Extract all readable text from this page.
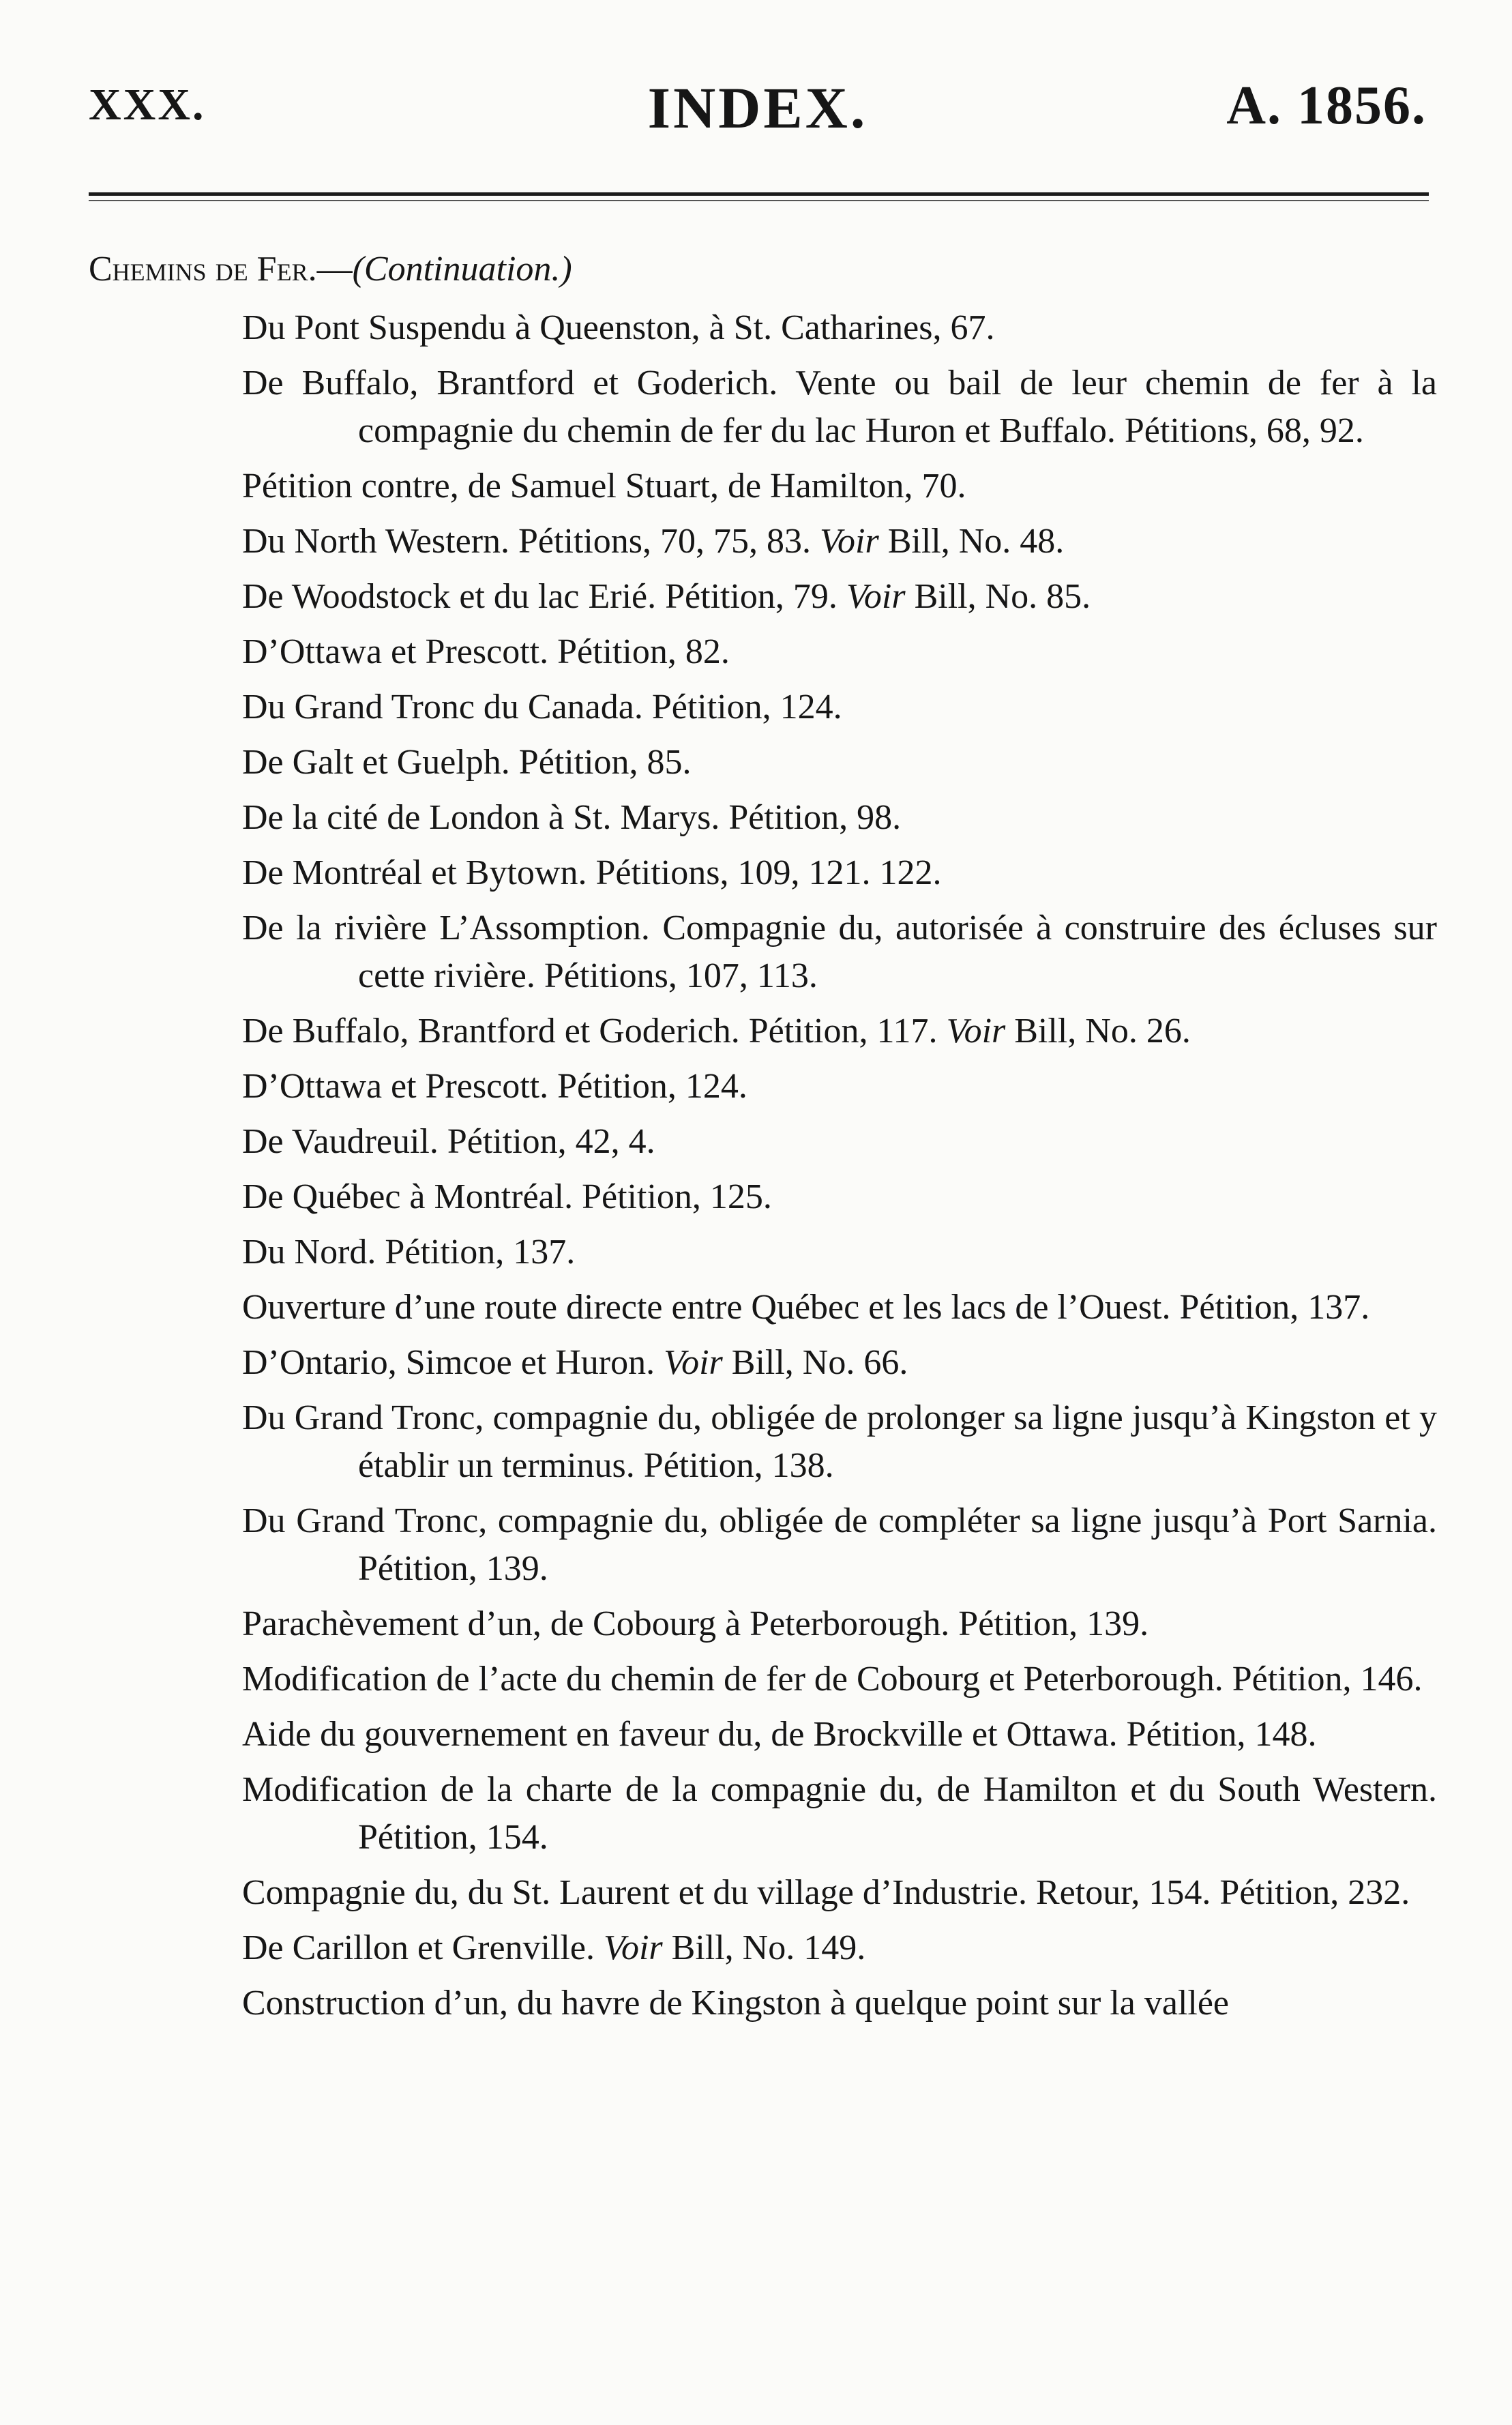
XXX.	INDEX.	A. 1856.
Chemins de Fer.—(Continuation.)
Du Pont Suspendu à Queenston, à St. Catharines, 67.
De Buffalo, Brantford et Goderich. Vente ou bail de leur chemin de fer à la compagnie du chemin de fer du lac Huron et Buffalo. Pétitions, 68, 92.
Pétition contre, de Samuel Stuart, de Hamilton, 70.
Du North Western. Pétitions, 70, 75, 83. Voir Bill, No. 48.
De Woodstock et du lac Erié. Pétition, 79. Voir Bill, No. 85.
D’Ottawa et Prescott. Pétition, 82.
Du Grand Tronc du Canada. Pétition, 124.
De Galt et Guelph. Pétition, 85.
De la cité de London à St. Marys. Pétition, 98.
De Montréal et Bytown. Pétitions, 109, 121. 122.
De la rivière L’Assomption. Compagnie du, autorisée à construire des écluses sur cette rivière. Pétitions, 107, 113.
De Buffalo, Brantford et Goderich. Pétition, 117. Voir Bill, No. 26.
D’Ottawa et Prescott. Pétition, 124.
De Vaudreuil. Pétition, 42, 4.
De Québec à Montréal. Pétition, 125.
Du Nord. Pétition, 137.
Ouverture d’une route directe entre Québec et les lacs de l’Ouest. Pétition, 137.
D’Ontario, Simcoe et Huron. Voir Bill, No. 66.
Du Grand Tronc, compagnie du, obligée de prolonger sa ligne jusqu’à Kingston et y établir un terminus. Pétition, 138.
Du Grand Tronc, compagnie du, obligée de compléter sa ligne jusqu’à Port Sarnia. Pétition, 139.
Parachèvement d’un, de Cobourg à Peterborough. Pétition, 139.
Modification de l’acte du chemin de fer de Cobourg et Peterborough. Pétition, 146.
Aide du gouvernement en faveur du, de Brockville et Ottawa. Pétition, 148.
Modification de la charte de la compagnie du, de Hamilton et du South Western. Pétition, 154.
Compagnie du, du St. Laurent et du village d’Industrie. Retour, 154. Pétition, 232.
De Carillon et Grenville. Voir Bill, No. 149.
Construction d’un, du havre de Kingston à quelque point sur la vallée
